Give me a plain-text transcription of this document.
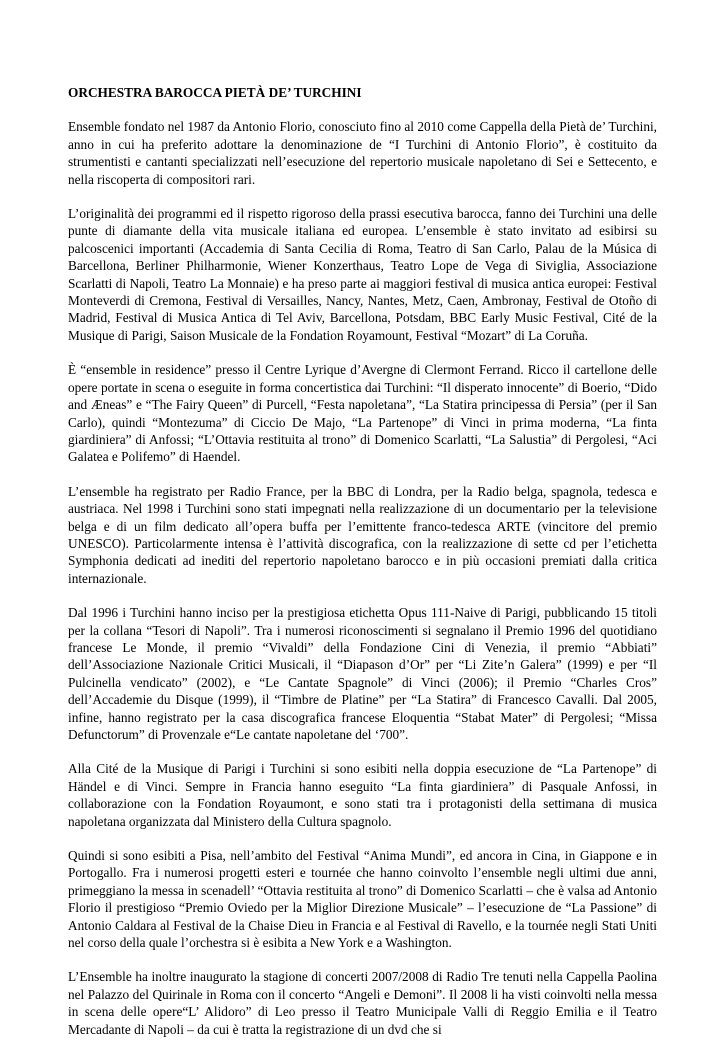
ORCHESTRA BAROCCA PIETÀ DE’ TURCHINI

Ensemble fondato nel 1987 da Antonio Florio, conosciuto fino al 2010 come Cappella della Pietà de’ Turchini, anno in cui ha preferito adottare la denominazione de “I Turchini di Antonio Florio”, è costituito da strumentisti e cantanti specializzati nell’esecuzione del repertorio musicale napoletano di Sei e Settecento, e nella riscoperta di compositori rari.

L’originalità dei programmi ed il rispetto rigoroso della prassi esecutiva barocca, fanno dei Turchini una delle punte di diamante della vita musicale italiana ed europea. L’ensemble è stato invitato ad esibirsi su palcoscenici importanti (Accademia di Santa Cecilia di Roma, Teatro di San Carlo, Palau de la Música di Barcellona, Berliner Philharmonie, Wiener Konzerthaus, Teatro Lope de Vega di Siviglia, Associazione Scarlatti di Napoli, Teatro La Monnaie) e ha preso parte ai maggiori festival di musica antica europei: Festival Monteverdi di Cremona, Festival di Versailles, Nancy, Nantes, Metz, Caen, Ambronay, Festival de Otoño di Madrid, Festival di Musica Antica di Tel Aviv, Barcellona, Potsdam, BBC Early Music Festival, Cité de la Musique di Parigi, Saison Musicale de la Fondation Royamount, Festival “Mozart” di La Coruña.

È “ensemble in residence” presso il Centre Lyrique d’Avergne di Clermont Ferrand. Ricco il cartellone delle opere portate in scena o eseguite in forma concertistica dai Turchini: “Il disperato innocente” di Boerio, “Dido and Æneas” e “The Fairy Queen” di Purcell, “Festa napoletana”, “La Statira principessa di Persia” (per il San Carlo), quindi “Montezuma” di Ciccio De Majo, “La Partenope” di Vinci in prima moderna, “La finta giardiniera” di Anfossi; “L’Ottavia restituita al trono” di Domenico Scarlatti, “La Salustia” di Pergolesi, “Aci Galatea e Polifemo” di Haendel.

L’ensemble ha registrato per Radio France, per la BBC di Londra, per la Radio belga, spagnola, tedesca e austriaca. Nel 1998 i Turchini sono stati impegnati nella realizzazione di un documentario per la televisione belga e di un film dedicato all’opera buffa per l’emittente franco-tedesca ARTE (vincitore del premio UNESCO). Particolarmente intensa è l’attività discografica, con la realizzazione di sette cd per l’etichetta Symphonia dedicati ad inediti del repertorio napoletano barocco e in più occasioni premiati dalla critica internazionale.

Dal 1996 i Turchini hanno inciso per la prestigiosa etichetta Opus 111-Naive di Parigi, pubblicando 15 titoli per la collana “Tesori di Napoli”. Tra i numerosi riconoscimenti si segnalano il Premio 1996 del quotidiano francese Le Monde, il premio “Vivaldi” della Fondazione Cini di Venezia, il premio “Abbiati” dell’Associazione Nazionale Critici Musicali, il “Diapason d’Or” per “Li Zite’n Galera” (1999) e per “Il Pulcinella vendicato” (2002), e “Le Cantate Spagnole” di Vinci (2006); il Premio “Charles Cros” dell’Accademie du Disque (1999), il “Timbre de Platine” per “La Statira” di Francesco Cavalli. Dal 2005, infine, hanno registrato per la casa discografica francese Eloquentia “Stabat Mater” di Pergolesi; “Missa Defunctorum” di Provenzale e“Le cantate napoletane del ‘700”.

Alla Cité de la Musique di Parigi i Turchini si sono esibiti nella doppia esecuzione de “La Partenope” di Händel e di Vinci. Sempre in Francia hanno eseguito “La finta giardiniera” di Pasquale Anfossi, in collaborazione con la Fondation Royaumont, e sono stati tra i protagonisti della settimana di musica napoletana organizzata dal Ministero della Cultura spagnolo.

Quindi si sono esibiti a Pisa, nell’ambito del Festival “Anima Mundi”, ed ancora in Cina, in Giappone e in Portogallo. Fra i numerosi progetti esteri e tournée che hanno coinvolto l’ensemble negli ultimi due anni, primeggiano la messa in scenadell’ “Ottavia restituita al trono” di Domenico Scarlatti – che è valsa ad Antonio Florio il prestigioso “Premio Oviedo per la Miglior Direzione Musicale” – l’esecuzione de “La Passione” di Antonio Caldara al Festival de la Chaise Dieu in Francia e al Festival di Ravello, e la tournée negli Stati Uniti nel corso della quale l’orchestra si è esibita a New York e a Washington.

L’Ensemble ha inoltre inaugurato la stagione di concerti 2007/2008 di Radio Tre tenuti nella Cappella Paolina nel Palazzo del Quirinale in Roma con il concerto “Angeli e Demoni”. Il 2008 li ha visti coinvolti nella messa in scena delle opere“L’ Alidoro” di Leo presso il Teatro Municipale Valli di Reggio Emilia e il Teatro Mercadante di Napoli – da cui è tratta la registrazione di un dvd che si
